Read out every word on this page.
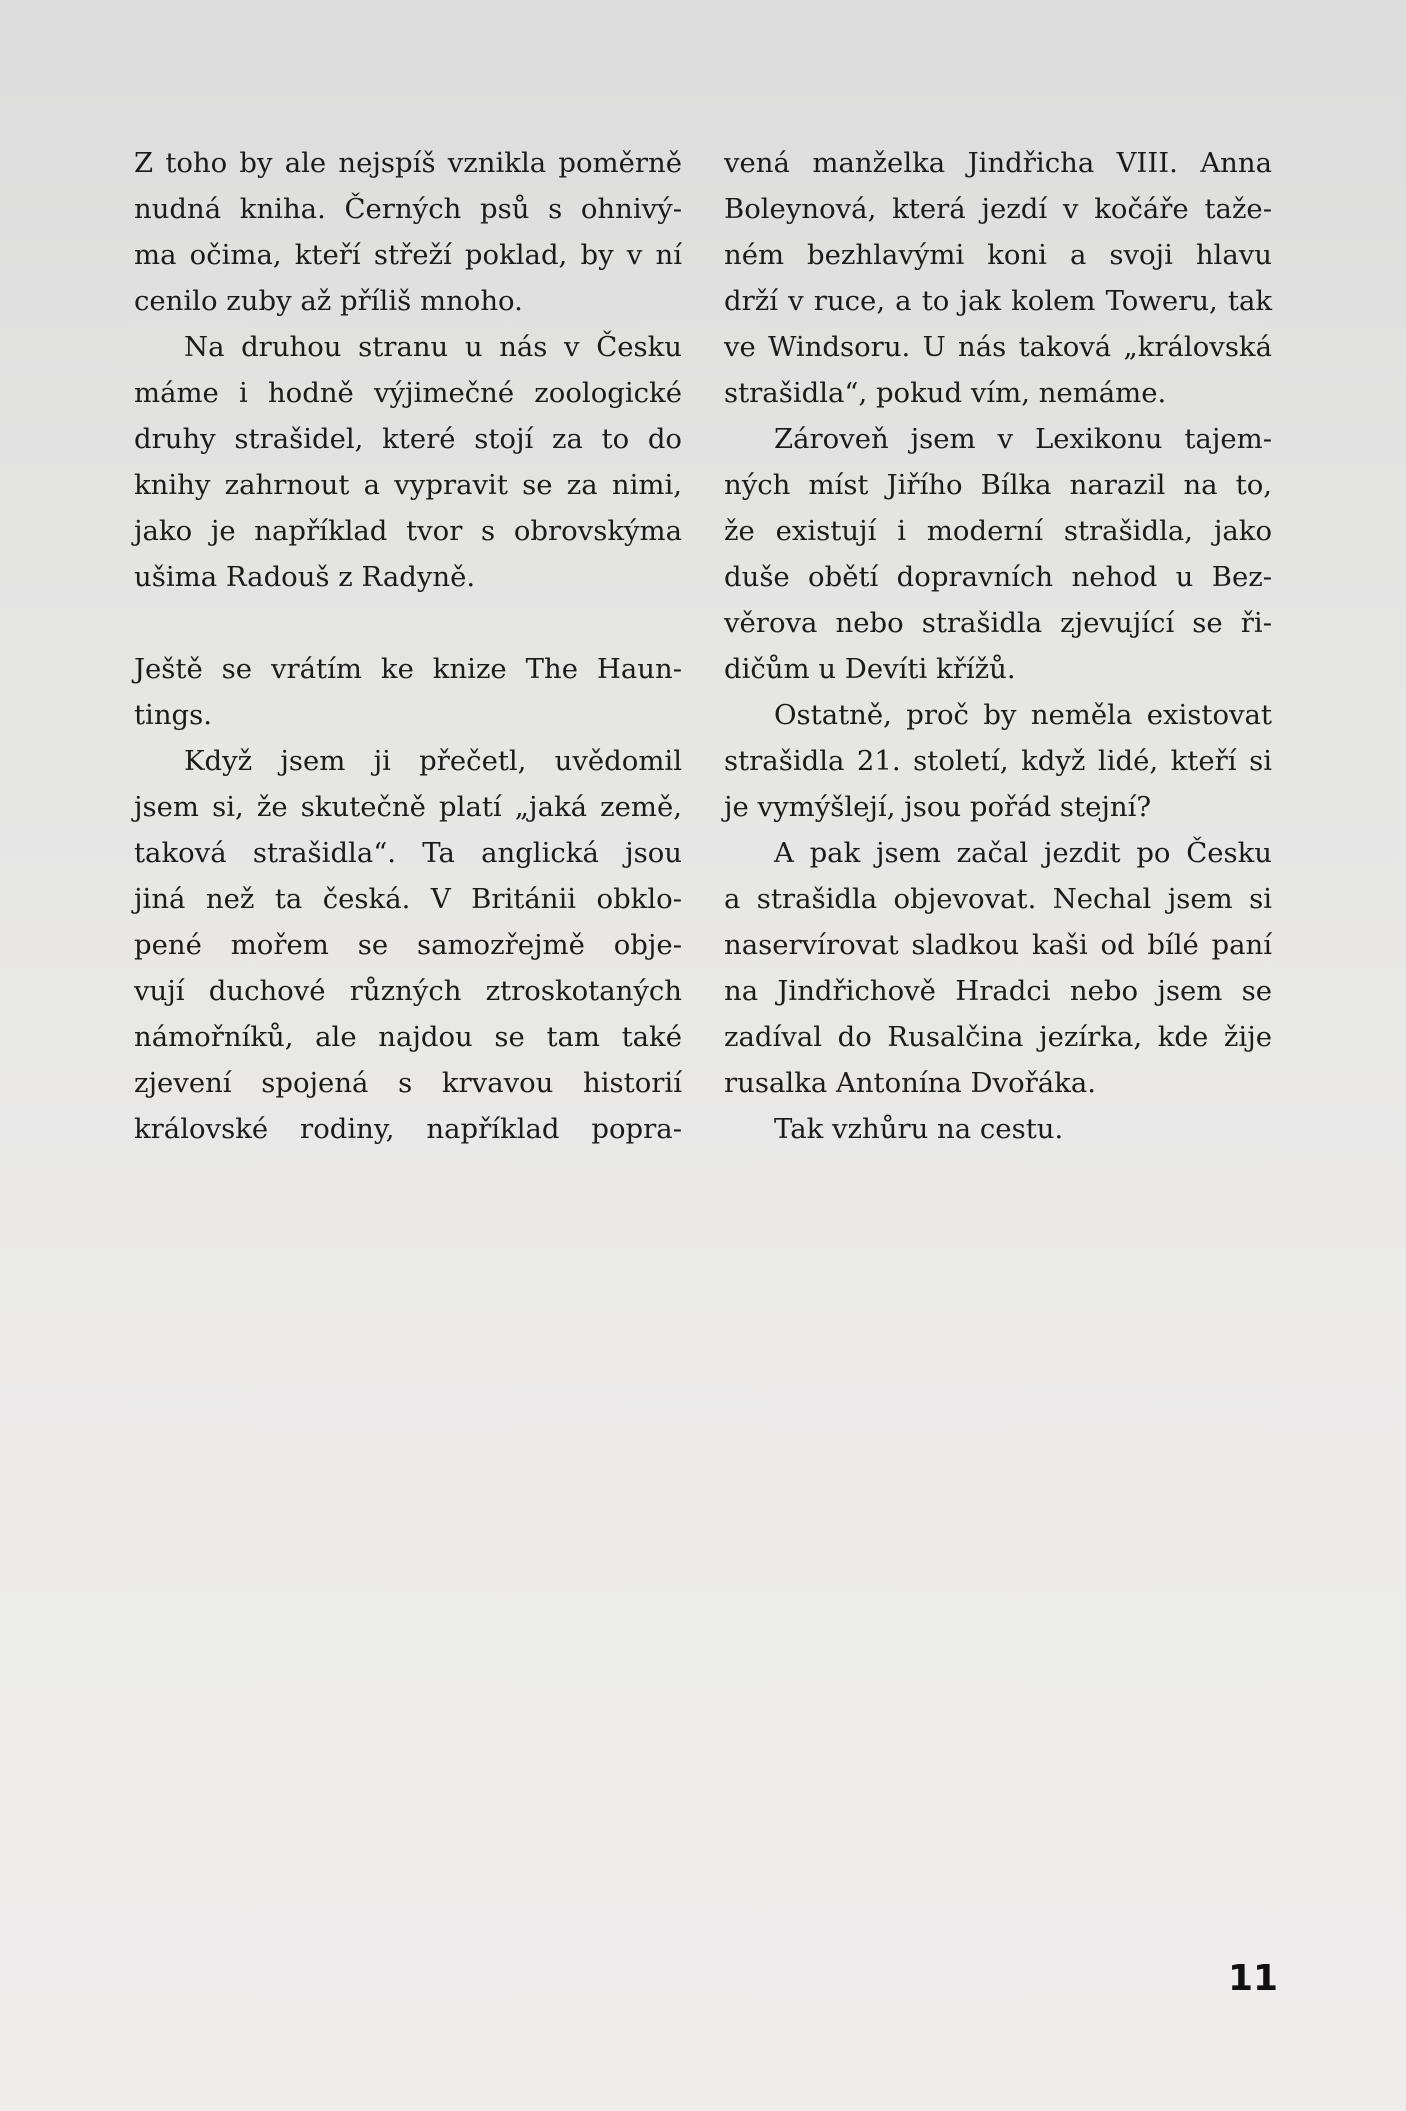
Z toho by ale nejspíš vznikla poměrně
nudná kniha. Černých psů s ohnivý-
ma očima, kteří střeží poklad, by v ní
cenilo zuby až příliš mnoho.
Na druhou stranu u nás v Česku
máme i hodně výjimečné zoologické
druhy strašidel, které stojí za to do
knihy zahrnout a vypravit se za nimi,
jako je například tvor s obrovskýma
ušima Radouš z Radyně.
Ještě se vrátím ke knize The Haun-
tings.
Když jsem ji přečetl, uvědomil
jsem si, že skutečně platí „jaká země,
taková strašidla“. Ta anglická jsou
jiná než ta česká. V Británii obklo-
pené mořem se samozřejmě obje-
vují duchové různých ztroskotaných
námořníků, ale najdou se tam také
zjevení spojená s krvavou historií
královské rodiny, například popra-
vená manželka Jindřicha VIII. Anna
Boleynová, která jezdí v kočáře taže-
ném bezhlavými koni a svoji hlavu
drží v ruce, a to jak kolem Toweru, tak
ve Windsoru. U nás taková „královská
strašidla“, pokud vím, nemáme.
Zároveň jsem v Lexikonu tajem-
ných míst Jiřího Bílka narazil na to,
že existují i moderní strašidla, jako
duše obětí dopravních nehod u Bez-
věrova nebo strašidla zjevující se ři-
dičům u Devíti křížů.
Ostatně, proč by neměla existovat
strašidla 21. století, když lidé, kteří si
je vymýšlejí, jsou pořád stejní?
A pak jsem začal jezdit po Česku
a strašidla objevovat. Nechal jsem si
naservírovat sladkou kaši od bílé paní
na Jindřichově Hradci nebo jsem se
zadíval do Rusalčina jezírka, kde žije
rusalka Antonína Dvořáka.
Tak vzhůru na cestu.
11
